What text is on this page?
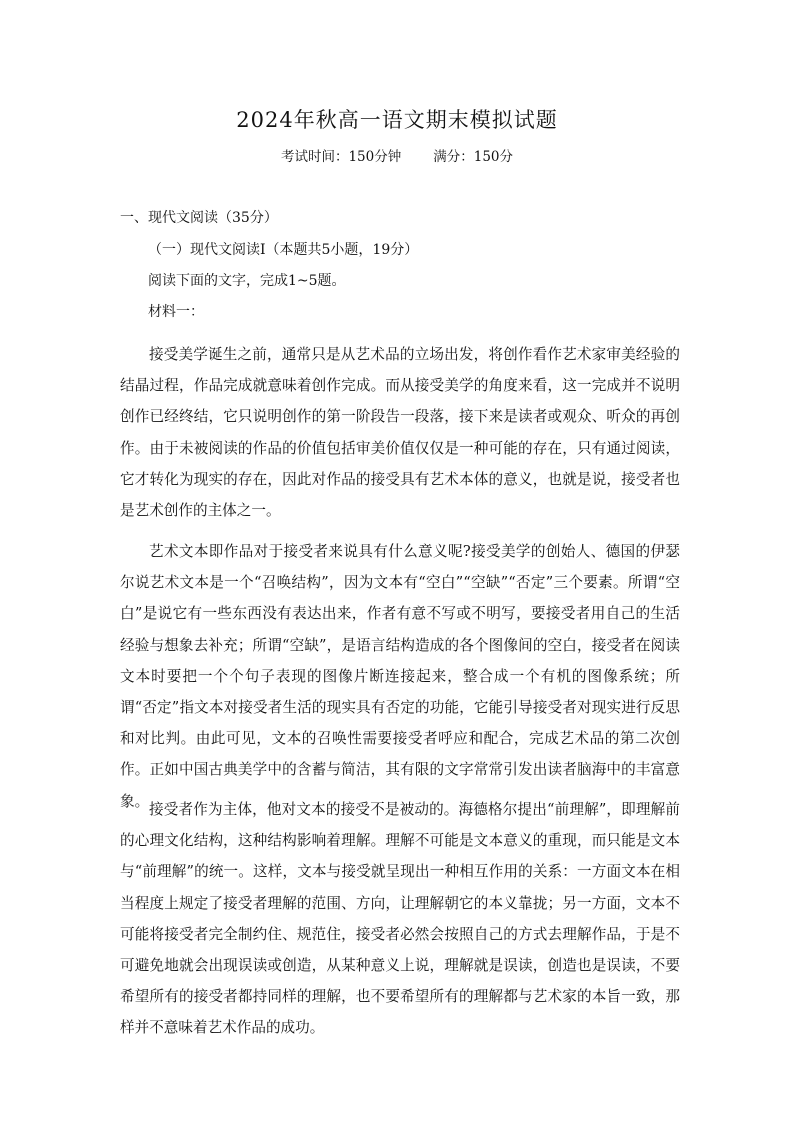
2024年秋高一语文期末模拟试题
考试时间：150分钟 满分：150分
一、现代文阅读（35分）
（一）现代文阅读Ⅰ（本题共5小题，19分）
阅读下面的文字，完成1~5题。
材料一：

接受美学诞生之前，通常只是从艺术品的立场出发，将创作看作艺术家审美经验的结晶过程，作品完成就意味着创作完成。而从接受美学的角度来看，这一完成并不说明创作已经终结，它只说明创作的第一阶段告一段落，接下来是读者或观众、听众的再创作。由于未被阅读的作品的价值包括审美价值仅仅是一种可能的存在，只有通过阅读，它才转化为现实的存在，因此对作品的接受具有艺术本体的意义，也就是说，接受者也是艺术创作的主体之一。

艺术文本即作品对于接受者来说具有什么意义呢?接受美学的创始人、德国的伊瑟尔说艺术文本是一个“召唤结构”，因为文本有“空白”“空缺”“否定”三个要素。所谓“空白”是说它有一些东西没有表达出来，作者有意不写或不明写，要接受者用自己的生活经验与想象去补充；所谓“空缺”，是语言结构造成的各个图像间的空白，接受者在阅读文本时要把一个个句子表现的图像片断连接起来，整合成一个有机的图像系统；所谓“否定”指文本对接受者生活的现实具有否定的功能，它能引导接受者对现实进行反思和对比判。由此可见，文本的召唤性需要接受者呼应和配合，完成艺术品的第二次创作。正如中国古典美学中的含蓄与简洁，其有限的文字常常引发出读者脑海中的丰富意象。 接受者作为主体，他对文本的接受不是被动的。海德格尔提出“前理解”，即理解前的心理文化结构，这种结构影响着理解。理解不可能是文本意义的重现，而只能是文本与“前理解”的统一。这样，文本与接受就呈现出一种相互作用的关系：一方面文本在相当程度上规定了接受者理解的范围、方向，让理解朝它的本义靠拢；另一方面，文本不可能将接受者完全制约住、规范住，接受者必然会按照自己的方式去理解作品，于是不可避免地就会出现误读或创造，从某种意义上说，理解就是误读，创造也是误读，不要希望所有的接受者都持同样的理解，也不要希望所有的理解都与艺术家的本旨一致，那样并不意味着艺术作品的成功。
